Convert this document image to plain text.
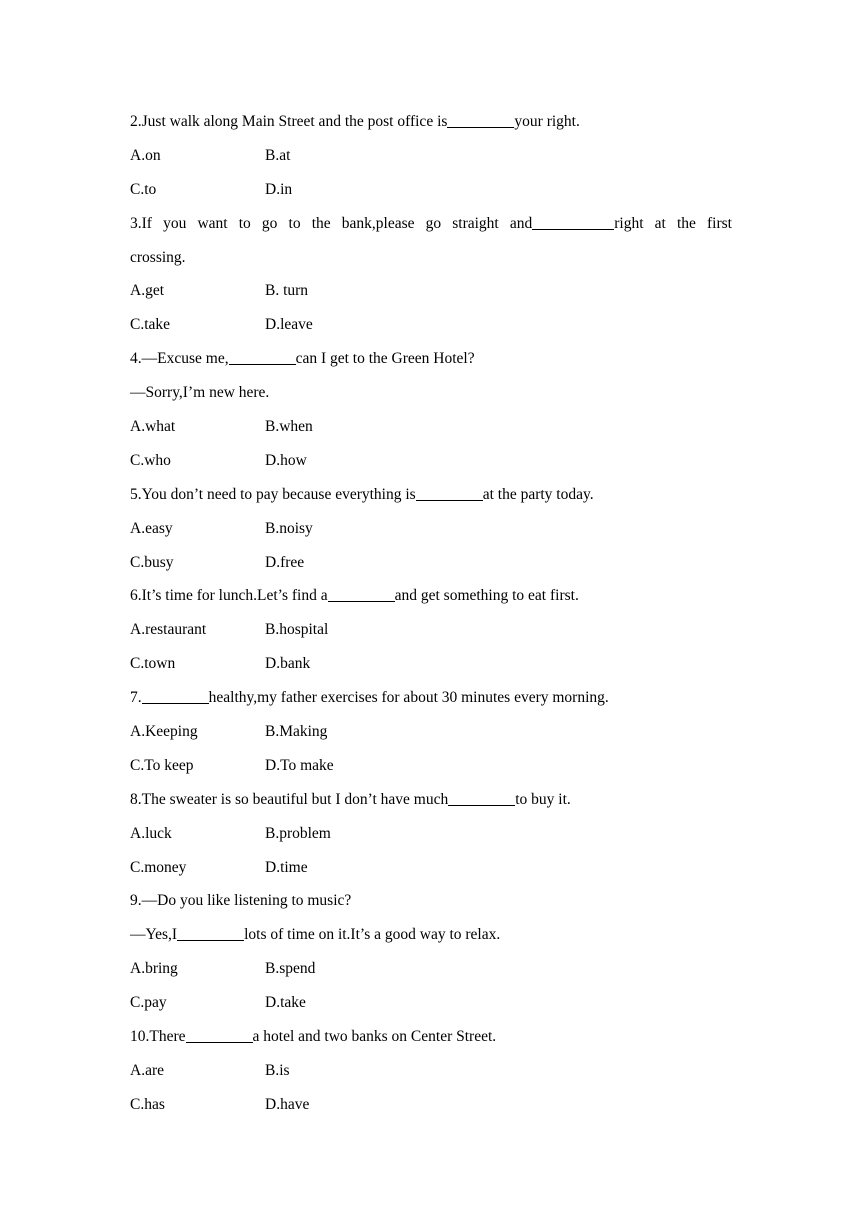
2.Just walk along Main Street and the post office is	your right.
A.on	B.at
C.to	D.in
3.If you want to go to the bank,please go straight and	right at the first
crossing.
A.get	B. turn
C.take	D.leave
4.—Excuse me,	can I get to the Green Hotel?
—Sorry,I’m new here.
A.what	B.when
C.who	D.how
5.You don’t need to pay because everything is	at the party today.
A.easy	B.noisy
C.busy	D.free
6.It’s time for lunch.Let’s find a	and get something to eat first.
A.restaurant	B.hospital
C.town	D.bank
7.	healthy,my father exercises for about 30 minutes every morning.
A.Keeping	B.Making
C.To keep	D.To make
8.The sweater is so beautiful but I don’t have much	to buy it.
A.luck	B.problem
C.money	D.time
9.—Do you like listening to music?
—Yes,I	lots of time on it.It’s a good way to relax.
A.bring	B.spend
C.pay	D.take
10.There	a hotel and two banks on Center Street.
A.are	B.is
C.has	D.have
